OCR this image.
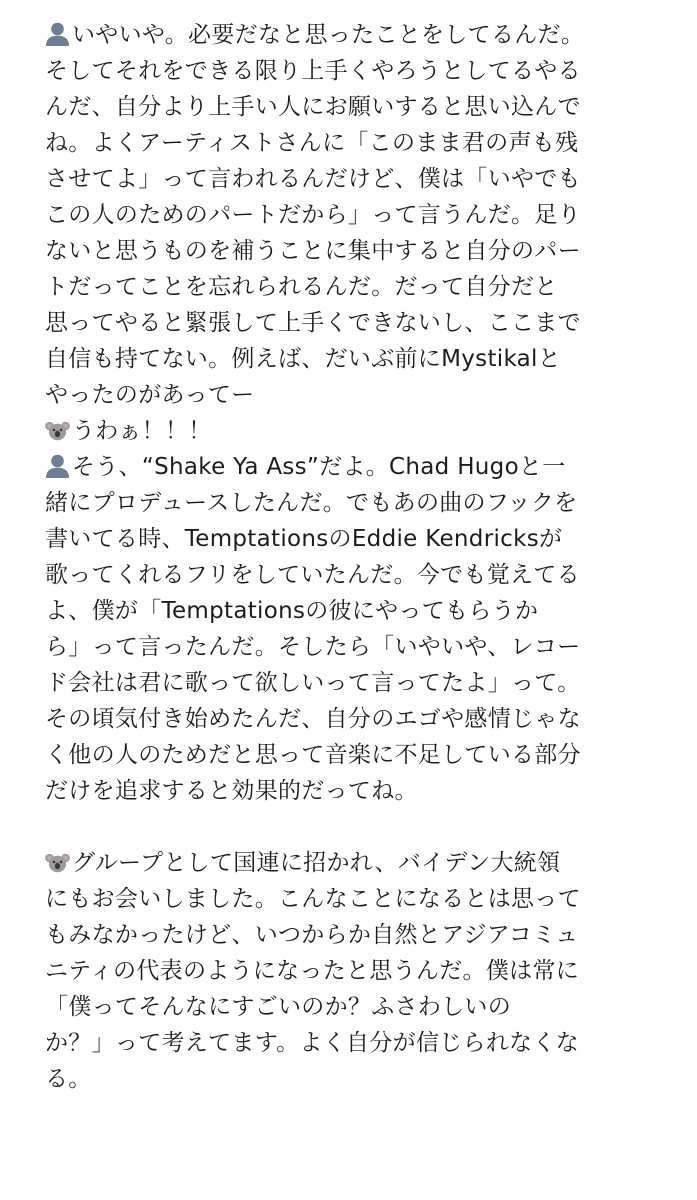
いやいや。必要だなと思ったことをしてるんだ。
そしてそれをできる限り上手くやろうとしてるやる
んだ、自分より上手い人にお願いすると思い込んで
ね。よくアーティストさんに「このまま君の声も残
させてよ」って言われるんだけど、僕は「いやでも
この人のためのパートだから」って言うんだ。足り
ないと思うものを補うことに集中すると自分のパー
トだってことを忘れられるんだ。だって自分だと
思ってやると緊張して上手くできないし、ここまで
自信も持てない。例えば、だいぶ前にMystikalと
やったのがあってー
うわぁ！！！
そう、“Shake Ya Ass”だよ。Chad Hugoと一
緒にプロデュースしたんだ。でもあの曲のフックを
書いてる時、TemptationsのEddie Kendricksが
歌ってくれるフリをしていたんだ。今でも覚えてる
よ、僕が「Temptationsの彼にやってもらうか
ら」って言ったんだ。そしたら「いやいや、レコー
ド会社は君に歌って欲しいって言ってたよ」って。
その頃気付き始めたんだ、自分のエゴや感情じゃな
く他の人のためだと思って音楽に不足している部分
だけを追求すると効果的だってね。
グループとして国連に招かれ、バイデン大統領
にもお会いしました。こんなことになるとは思って
もみなかったけど、いつからか自然とアジアコミュ
ニティの代表のようになったと思うんだ。僕は常に
「僕ってそんなにすごいのか？ふさわしいの
か？」って考えてます。よく自分が信じられなくな
る。
